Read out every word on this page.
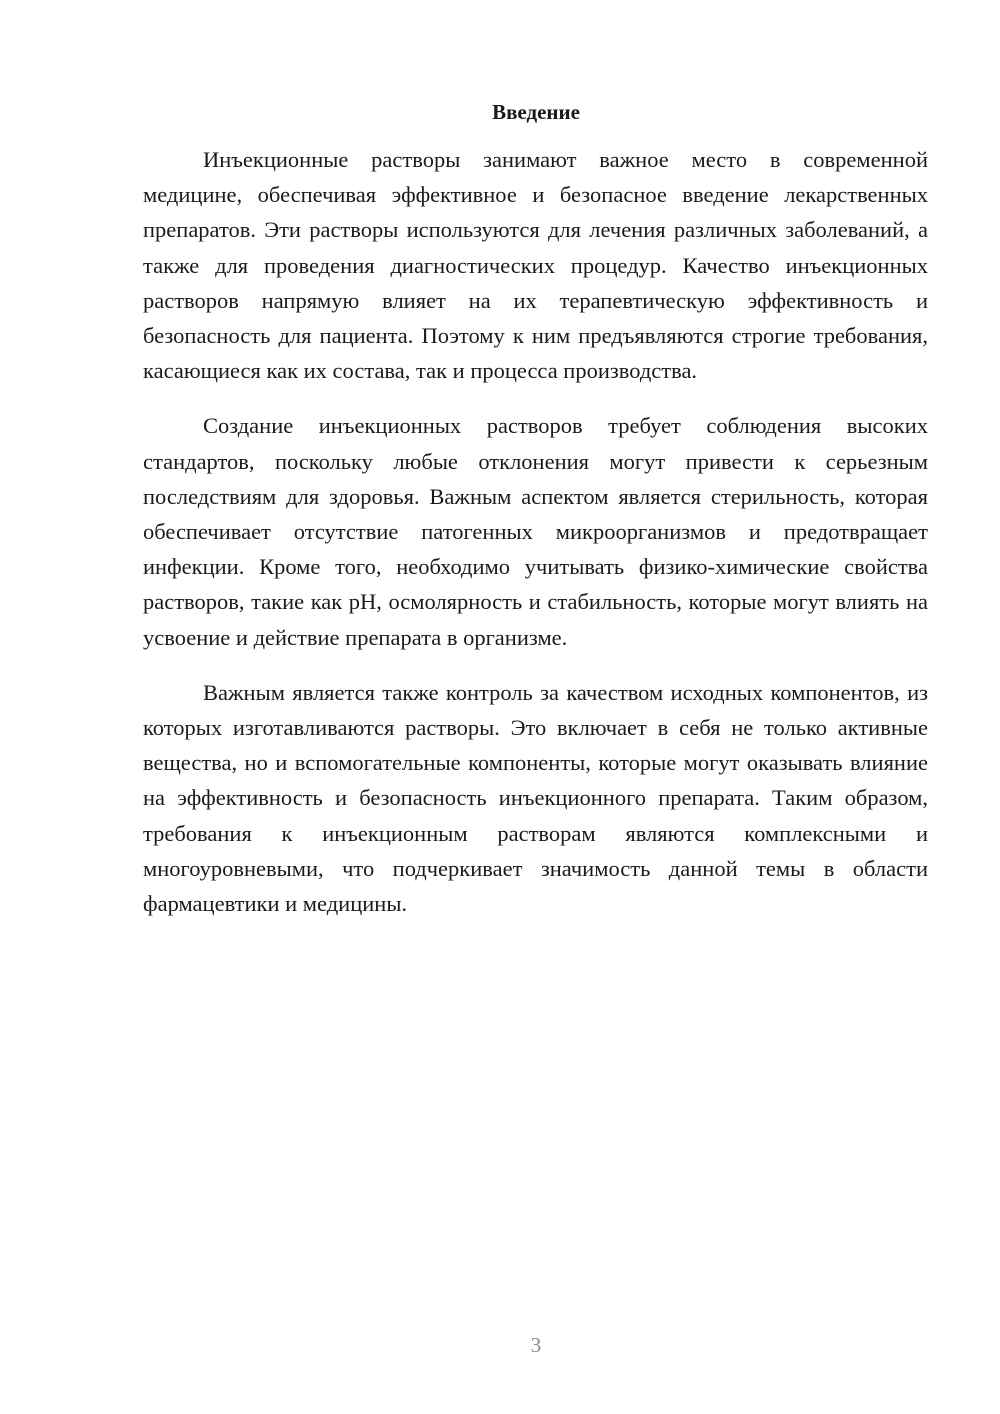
Введение

Инъекционные растворы занимают важное место в современной медицине, обеспечивая эффективное и безопасное введение лекарственных препаратов. Эти растворы используются для лечения различных заболеваний, а также для проведения диагностических процедур. Качество инъекционных растворов напрямую влияет на их терапевтическую эффективность и безопасность для пациента. Поэтому к ним предъявляются строгие требования, касающиеся как их состава, так и процесса производства.

Создание инъекционных растворов требует соблюдения высоких стандартов, поскольку любые отклонения могут привести к серьезным последствиям для здоровья. Важным аспектом является стерильность, которая обеспечивает отсутствие патогенных микроорганизмов и предотвращает инфекции. Кроме того, необходимо учитывать физико-химические свойства растворов, такие как pH, осмолярность и стабильность, которые могут влиять на усвоение и действие препарата в организме.

Важным является также контроль за качеством исходных компонентов, из которых изготавливаются растворы. Это включает в себя не только активные вещества, но и вспомогательные компоненты, которые могут оказывать влияние на эффективность и безопасность инъекционного препарата. Таким образом, требования к инъекционным растворам являются комплексными и многоуровневыми, что подчеркивает значимость данной темы в области фармацевтики и медицины.

3
